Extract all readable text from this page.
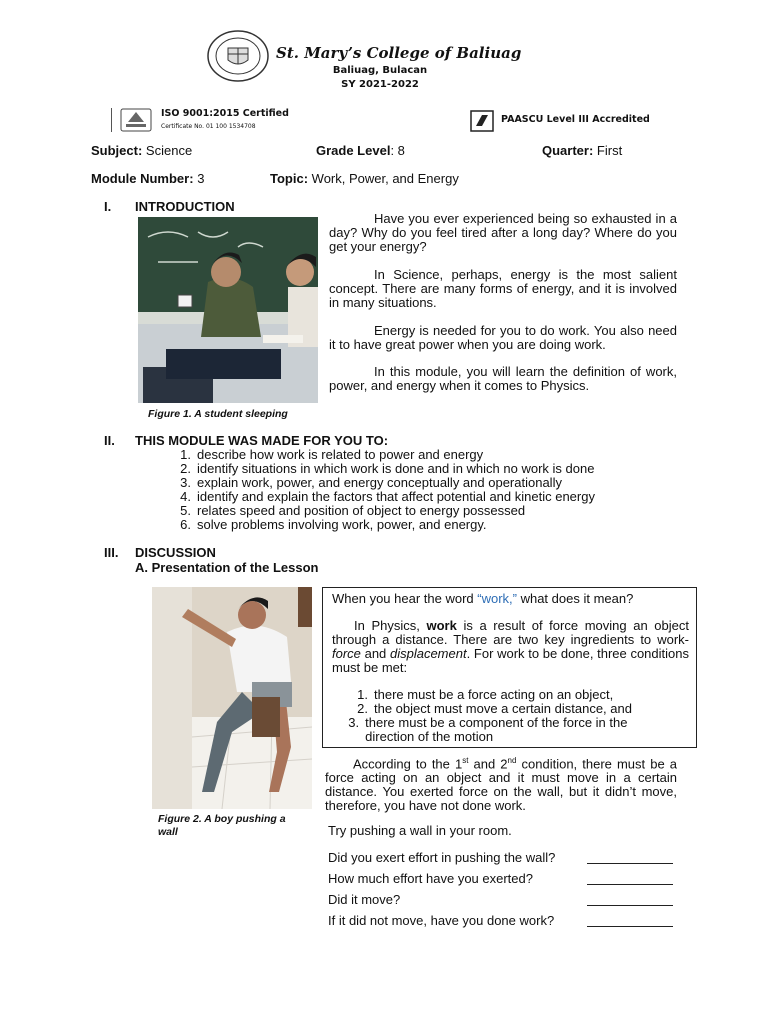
St. Mary’s College of Baliuag
Baliuag, Bulacan
SY 2021-2022
ISO 9001:2015 Certified
Certificate No. 01 100 1534708
PAASCU Level III Accredited
Subject: Science	Grade Level: 8	Quarter: First
Module Number: 3	Topic: Work, Power, and Energy
I. INTRODUCTION
Figure 1. A student sleeping
Have you ever experienced being so exhausted in a day? Why do you feel tired after a long day? Where do you get your energy?
In Science, perhaps, energy is the most salient concept. There are many forms of energy, and it is involved in many situations.
Energy is needed for you to do work. You also need it to have great power when you are doing work.
In this module, you will learn the definition of work, power, and energy when it comes to Physics.
II. THIS MODULE WAS MADE FOR YOU TO:
1. describe how work is related to power and energy
2. identify situations in which work is done and in which no work is done
3. explain work, power, and energy conceptually and operationally
4. identify and explain the factors that affect potential and kinetic energy
5. relates speed and position of object to energy possessed
6. solve problems involving work, power, and energy.
III. DISCUSSION
A. Presentation of the Lesson
Figure 2. A boy pushing a wall
When you hear the word “work,” what does it mean?
In Physics, work is a result of force moving an object through a distance. There are two key ingredients to work- force and displacement. For work to be done, three conditions must be met:
1. there must be a force acting on an object,
2. the object must move a certain distance, and
3. there must be a component of the force in the direction of the motion
According to the 1st and 2nd condition, there must be a force acting on an object and it must move in a certain distance. You exerted force on the wall, but it didn’t move, therefore, you have not done work.
Try pushing a wall in your room.
Did you exert effort in pushing the wall?
How much effort have you exerted?
Did it move?
If it did not move, have you done work?
